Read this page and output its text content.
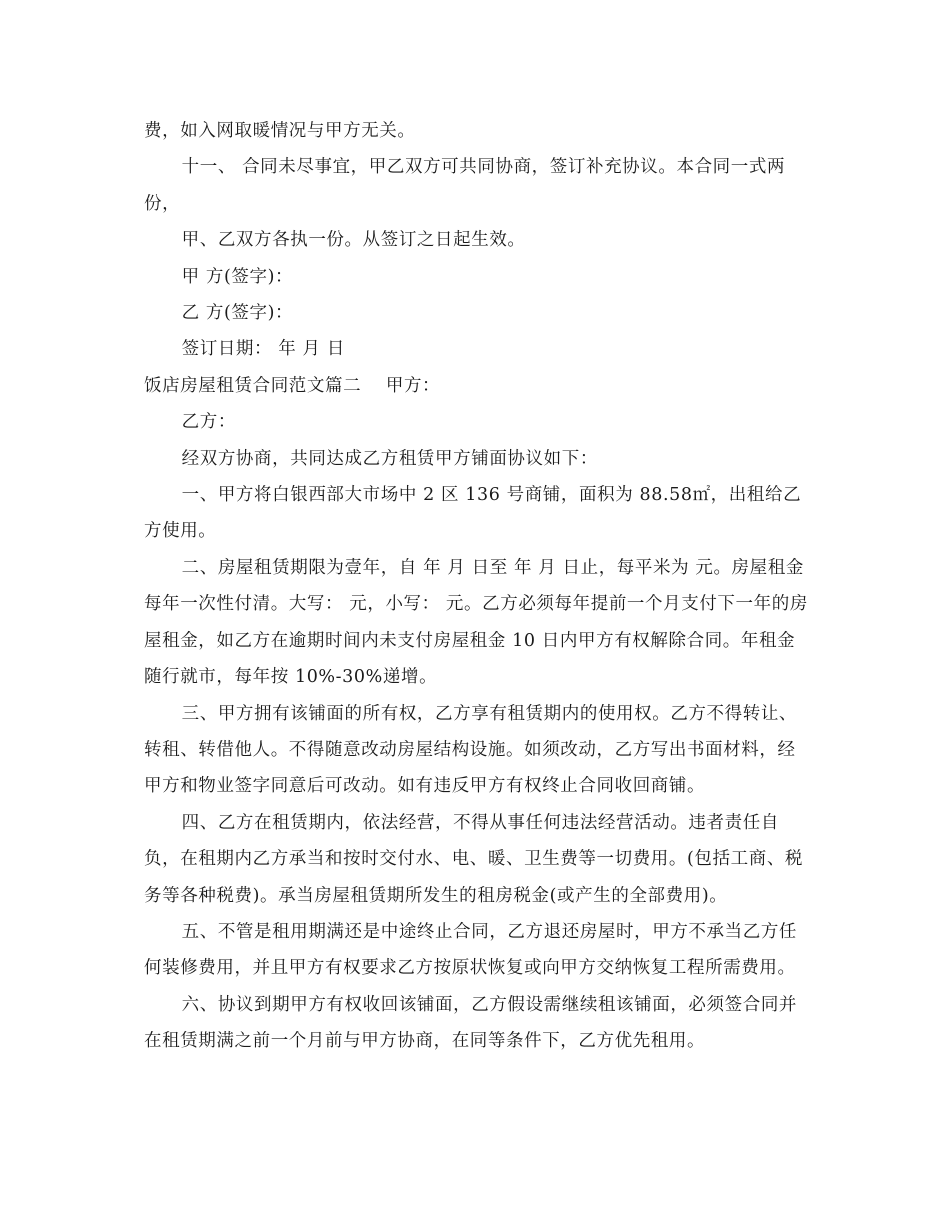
费，如入网取暖情况与甲方无关。

十一、 合同未尽事宜，甲乙双方可共同协商，签订补充协议。本合同一式两份，

甲、乙双方各执一份。从签订之日起生效。

甲 方(签字)：

乙 方(签字)：

签订日期： 年 月 日

饭店房屋租赁合同范文篇二    甲方：

乙方：

经双方协商，共同达成乙方租赁甲方铺面协议如下：

一、甲方将白银西部大市场中 2 区 136 号商铺，面积为 88.58㎡，出租给乙方使用。

二、房屋租赁期限为壹年，自 年 月 日至 年 月 日止，每平米为 元。房屋租金每年一次性付清。大写： 元，小写： 元。乙方必须每年提前一个月支付下一年的房屋租金，如乙方在逾期时间内未支付房屋租金 10 日内甲方有权解除合同。年租金随行就市，每年按 10%-30%递增。

三、甲方拥有该铺面的所有权，乙方享有租赁期内的使用权。乙方不得转让、转租、转借他人。不得随意改动房屋结构设施。如须改动，乙方写出书面材料，经甲方和物业签字同意后可改动。如有违反甲方有权终止合同收回商铺。

四、乙方在租赁期内，依法经营，不得从事任何违法经营活动。违者责任自负，在租期内乙方承当和按时交付水、电、暖、卫生费等一切费用。(包括工商、税务等各种税费)。承当房屋租赁期所发生的租房税金(或产生的全部费用)。

五、不管是租用期满还是中途终止合同，乙方退还房屋时，甲方不承当乙方任何装修费用，并且甲方有权要求乙方按原状恢复或向甲方交纳恢复工程所需费用。

六、协议到期甲方有权收回该铺面，乙方假设需继续租该铺面，必须签合同并在租赁期满之前一个月前与甲方协商，在同等条件下，乙方优先租用。
